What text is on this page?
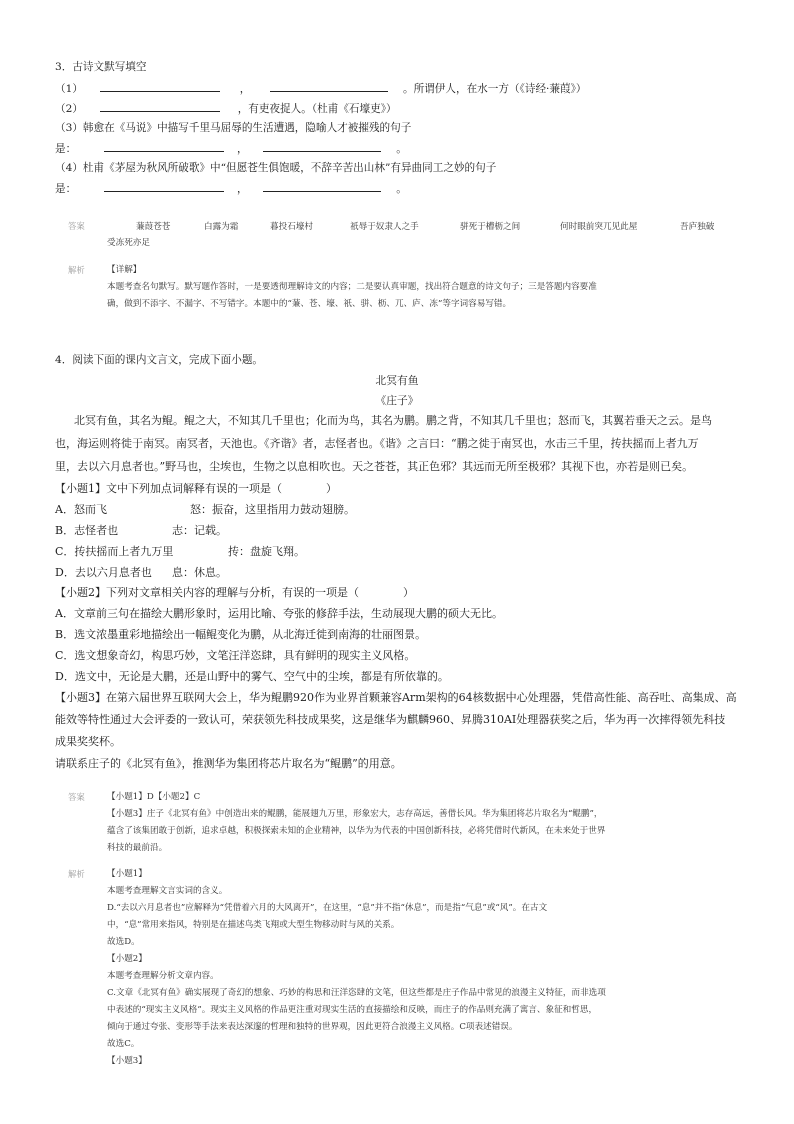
3．古诗文默写填空
（1）	，	。所谓伊人，在水一方（《诗经·蒹葭》）
（2）	，有吏夜捉人。（杜甫《石壕吏》）
（3）韩愈在《马说》中描写千里马屈辱的生活遭遇，隐喻人才被摧残的句子
是：	，	。
（4）杜甫《茅屋为秋风所破歌》中“但愿苍生俱饱暖，不辞辛苦出山林”有异曲同工之妙的句子
是：	，	。
答案	蒹葭苍苍	白露为霜	暮投石壕村	祇辱于奴隶人之手	骈死于槽枥之间	何时眼前突兀见此屋	吾庐独破
受冻死亦足
解析	【详解】
本题考查名句默写。默写题作答时，一是要透彻理解诗文的内容；二是要认真审题，找出符合题意的诗文句子；三是答题内容要准
确，做到不添字、不漏字、不写错字。本题中的“蒹、苍、壕、祇、骈、枥、兀、庐、冻”等字词容易写错。
4．阅读下面的课内文言文，完成下面小题。
北冥有鱼
《庄子》
北冥有鱼，其名为鲲。鲲之大，不知其几千里也；化而为鸟，其名为鹏。鹏之背，不知其几千里也；怒而飞，其翼若垂天之云。是鸟
也，海运则将徙于南冥。南冥者，天池也。《齐谐》者，志怪者也。《谐》之言曰：“鹏之徙于南冥也，水击三千里，抟扶摇而上者九万
里，去以六月息者也。”野马也，尘埃也，生物之以息相吹也。天之苍苍，其正色邪？其远而无所至极邪？其视下也，亦若是则已矣。
【小题1】文中下列加点词解释有误的一项是（　　　　）
A．怒而飞	怒：振奋，这里指用力鼓动翅膀。
B．志怪者也	志：记载。
C．抟扶摇而上者九万里	抟：盘旋飞翔。
D．去以六月息者也 息：休息。
【小题2】下列对文章相关内容的理解与分析，有误的一项是（　　　　）
A．文章前三句在描绘大鹏形象时，运用比喻、夸张的修辞手法，生动展现大鹏的硕大无比。
B．选文浓墨重彩地描绘出一幅鲲变化为鹏，从北海迁徙到南海的壮丽图景。
C．选文想象奇幻，构思巧妙，文笔汪洋恣肆，具有鲜明的现实主义风格。
D．选文中，无论是大鹏，还是山野中的雾气、空气中的尘埃，都是有所依靠的。
【小题3】在第六届世界互联网大会上，华为鲲鹏920作为业界首颗兼容Arm架构的64核数据中心处理器，凭借高性能、高吞吐、高集成、高
能效等特性通过大会评委的一致认可，荣获领先科技成果奖，这是继华为麒麟960、昇腾310AI处理器获奖之后，华为再一次摔得领先科技
成果奖奖杯。
请联系庄子的《北冥有鱼》，推测华为集团将芯片取名为“鲲鹏”的用意。
答案	【小题1】D【小题2】C
【小题3】庄子《北冥有鱼》中创造出来的鲲鹏，能展翅九万里，形象宏大，志存高远，善借长风。华为集团将芯片取名为“鲲鹏”，
蕴含了该集团敢于创新，追求卓越，积极探索未知的企业精神，以华为为代表的中国创新科技，必将凭借时代新风，在未来处于世界
科技的最前沿。
解析	【小题1】
本题考查理解文言实词的含义。
D.“去以六月息者也”应解释为“凭借着六月的大风离开”，在这里，“息”并不指“休息”，而是指“气息”或“风”。在古文
中，“息”常用来指风，特别是在描述鸟类飞翔或大型生物移动时与风的关系。
故选D。
【小题2】
本题考查理解分析文章内容。
C.文章《北冥有鱼》确实展现了奇幻的想象、巧妙的构思和汪洋恣肆的文笔，但这些都是庄子作品中常见的浪漫主义特征，而非选项
中表述的“现实主义风格”。现实主义风格的作品更注重对现实生活的直接描绘和反映，而庄子的作品则充满了寓言、象征和哲思，
倾向于通过夸张、变形等手法来表达深邃的哲理和独特的世界观，因此更符合浪漫主义风格。C项表述错误。
故选C。
【小题3】
